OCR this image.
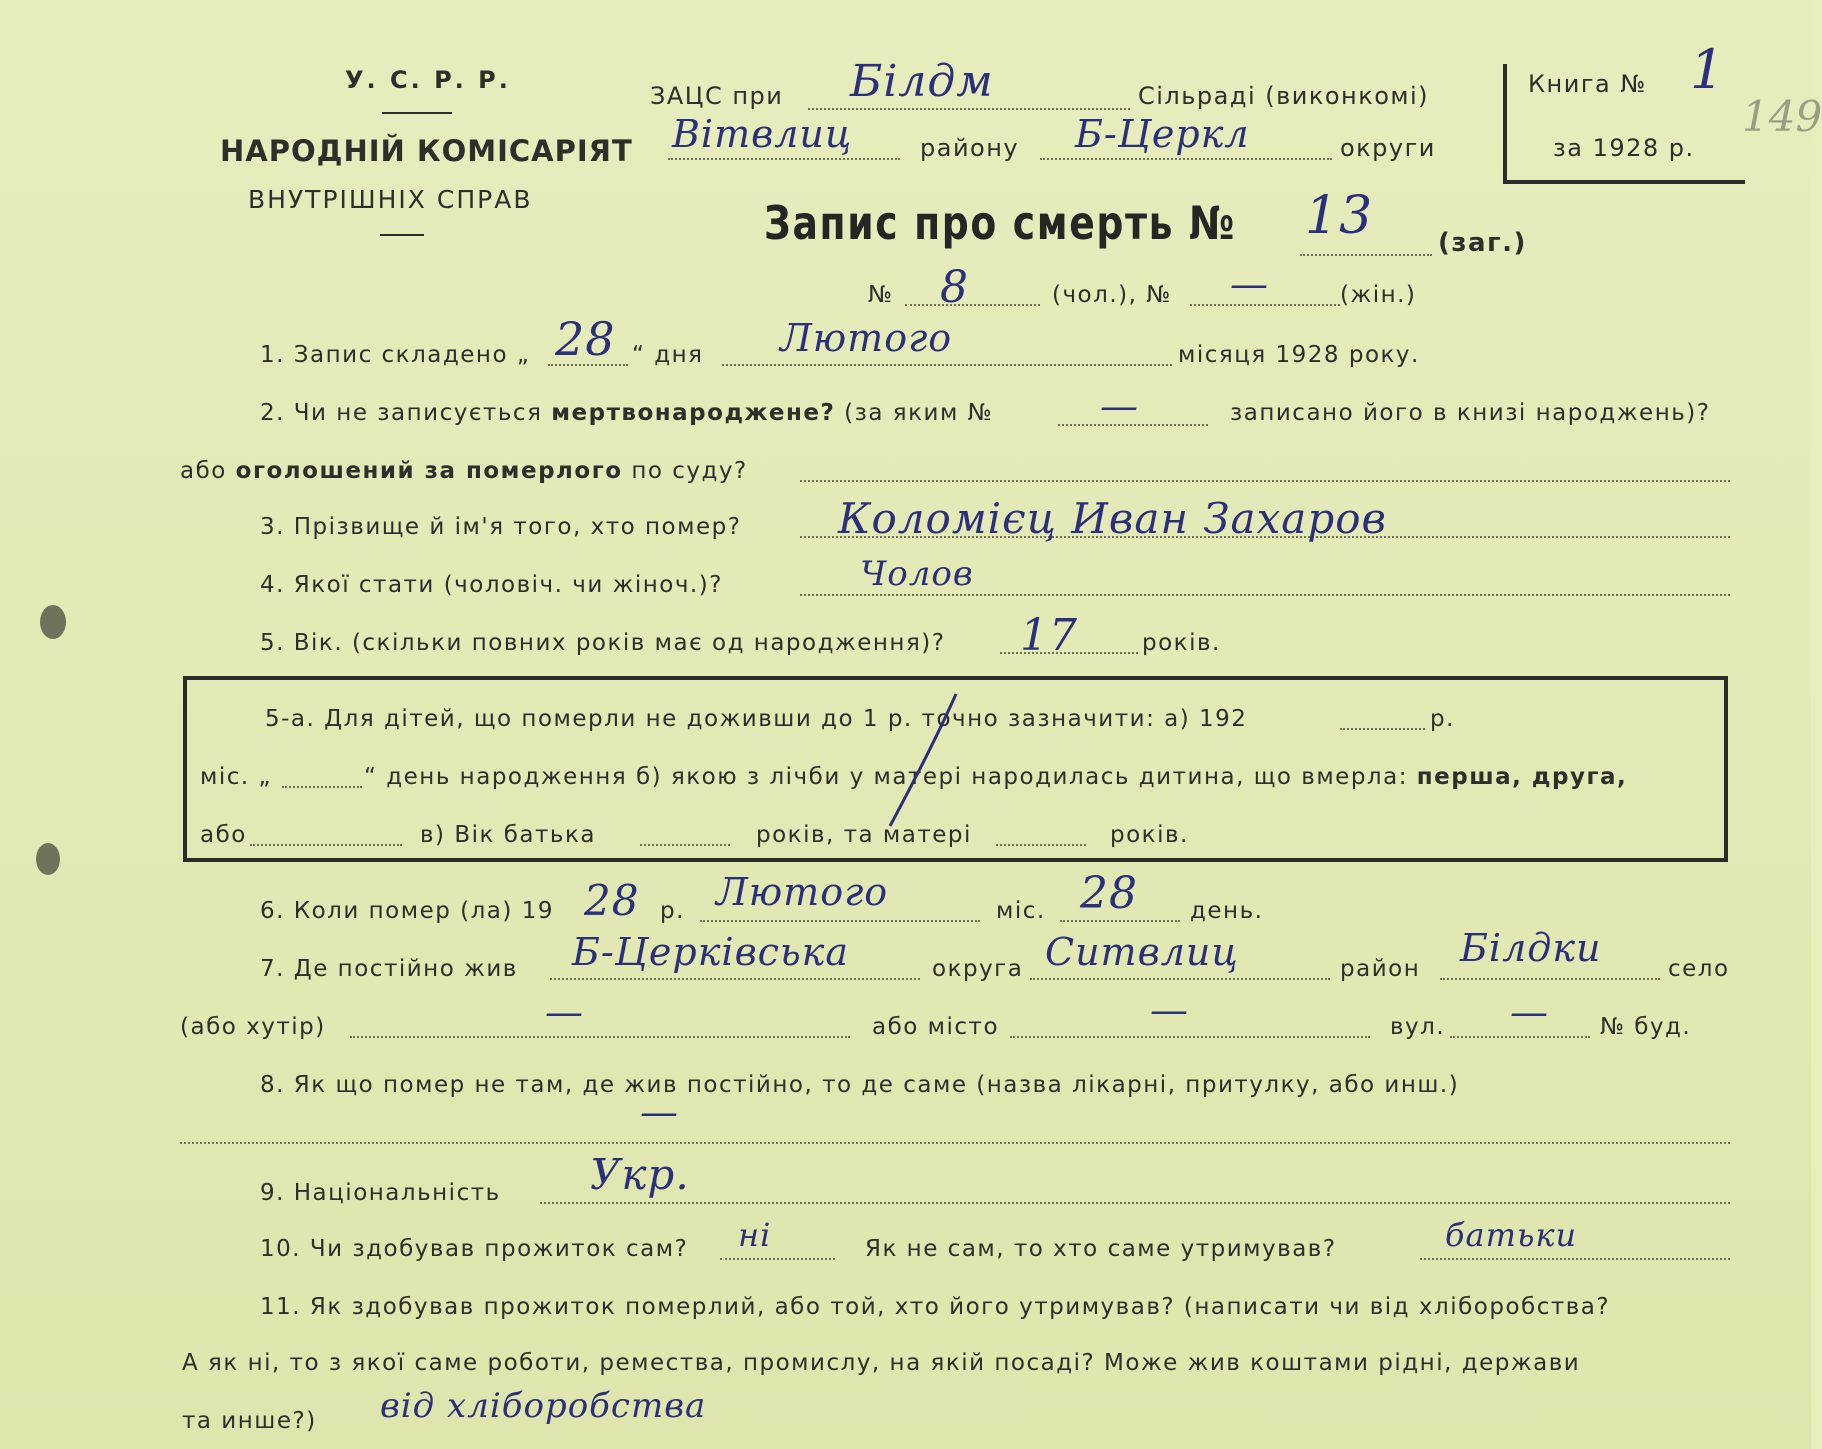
У. С. Р. Р.
НАРОДНІЙ КОМІСАРІЯТ
ВНУТРІШНІХ СПРАВ
ЗАЦС при Білдм	Сільраді (виконкомі)
Вітвлиц	району Б-Церкл	округи
Книга № 1
за 1928 р.
149
Запис про смерть № 13 (заг.)
№ 8	(чол.), № —	(жін.)
1. Запис складено „ 28 “ дня Лютого	місяця 1928 року.
2. Чи не записується мертвонароджене? (за яким №	—	записано його в книзі народжень)?
або оголошений за померлого по суду?
3. Прізвище й ім'я того, хто помер? Коломієц Иван Захаров
4. Якої стати (чоловіч. чи жіноч.)?	Чолов
5. Вік. (скільки повних років має од народження)? 17	років.
5-а. Для дітей, що померли не доживши до 1 р. точно зазначити: а) 192	р.
міс. „	“ день народження б) якою з лічби у матері народилась дитина, що вмерла: перша, друга,
або	в) Вік батька	років, та матері	років.
6. Коли помер (ла) 19 28 р. Лютого	міс. 28 день.
7. Де постійно жив Б-Церківська	округа Ситвлиц	район Білдки	село
(або хутір)	—	або місто	—	вул. — № буд.
8. Як що помер не там, де жив постійно, то де саме (назва лікарні, притулку, або инш.)
—
9. Національність Укр.
10. Чи здобував прожиток сам? ні	Як не сам, то хто саме утримував?	батьки
11. Як здобував прожиток померлий, або той, хто його утримував? (написати чи від хліборобства?
А як ні, то з якої саме роботи, ремества, промислу, на якій посаді? Може жив коштами рідні, держави
та инше?) від хліборобства
